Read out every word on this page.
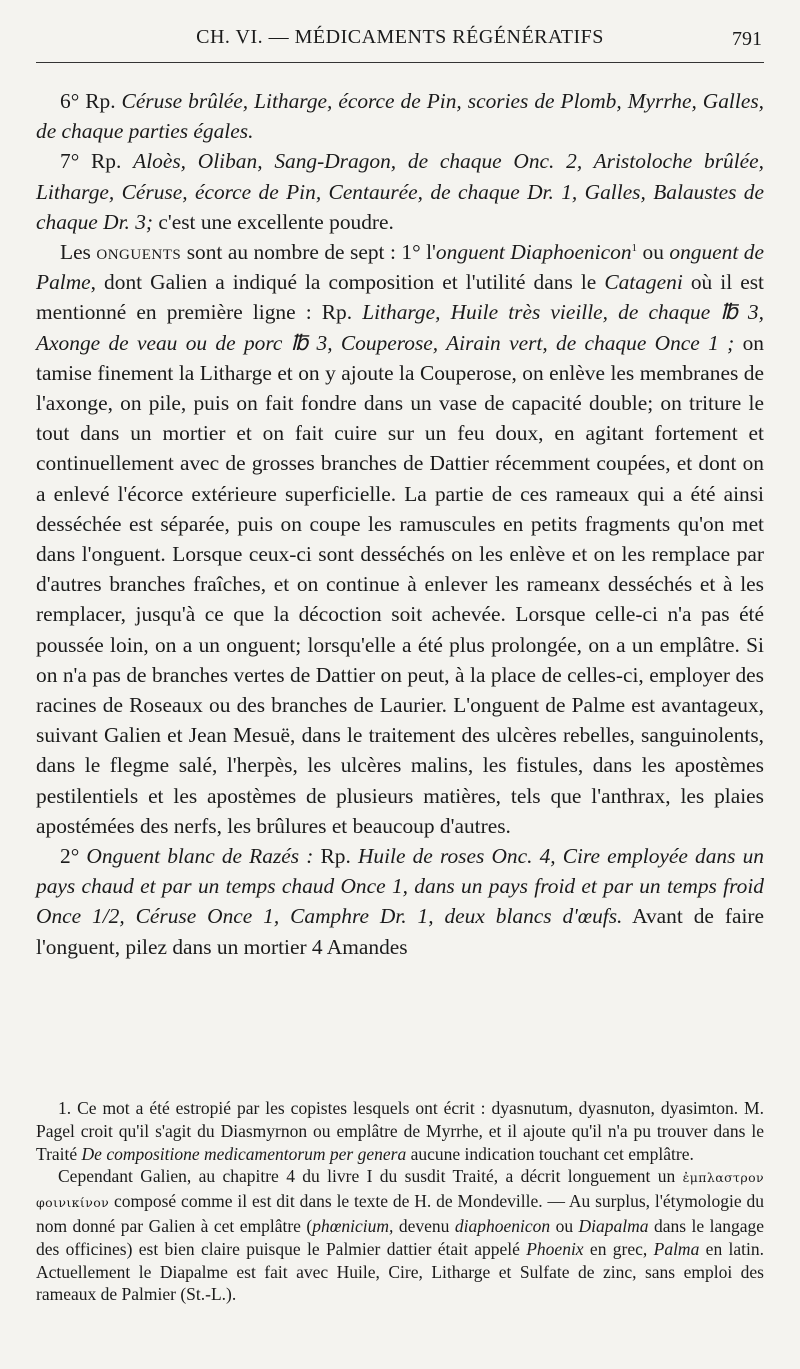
CH. VI. — MÉDICAMENTS RÉGÉNÉRATIFS	791

6° Rp. Céruse brûlée, Litharge, écorce de Pin, scories de Plomb, Myrrhe, Galles, de chaque parties égales.

7° Rp. Aloès, Oliban, Sang-Dragon, de chaque Onc. 2, Aristoloche brûlée, Litharge, Céruse, écorce de Pin, Centaurée, de chaque Dr. 1, Galles, Balaustes de chaque Dr. 3; c'est une excellente poudre.

Les onguents sont au nombre de sept : 1° l'onguent Diaphoenicon$^1$ ou onguent de Palme, dont Galien a indiqué la composition et l'utilité dans le Catageni où il est mentionné en première ligne : Rp. Litharge, Huile très vieille, de chaque ℔ 3, Axonge de veau ou de porc ℔ 3, Couperose, Airain vert, de chaque Once 1 ; on tamise finement la Litharge et on y ajoute la Couperose, on enlève les membranes de l'axonge, on pile, puis on fait fondre dans un vase de capacité double; on triture le tout dans un mortier et on fait cuire sur un feu doux, en agitant fortement et continuellement avec de grosses branches de Dattier récemment coupées, et dont on a enlevé l'écorce extérieure superficielle. La partie de ces rameaux qui a été ainsi desséchée est séparée, puis on coupe les ramuscules en petits fragments qu'on met dans l'onguent. Lorsque ceux-ci sont desséchés on les enlève et on les remplace par d'autres branches fraîches, et on continue à enlever les rameanx desséchés et à les remplacer, jusqu'à ce que la décoction soit achevée. Lorsque celle-ci n'a pas été poussée loin, on a un onguent; lorsqu'elle a été plus prolongée, on a un emplâtre. Si on n'a pas de branches vertes de Dattier on peut, à la place de celles-ci, employer des racines de Roseaux ou des branches de Laurier. L'onguent de Palme est avantageux, suivant Galien et Jean Mesuë, dans le traitement des ulcères rebelles, sanguinolents, dans le flegme salé, l'herpès, les ulcères malins, les fistules, dans les apostèmes pestilentiels et les apostèmes de plusieurs matières, tels que l'anthrax, les plaies apostémées des nerfs, les brûlures et beaucoup d'autres.

2° Onguent blanc de Razés : Rp. Huile de roses Onc. 4, Cire employée dans un pays chaud et par un temps chaud Once 1, dans un pays froid et par un temps froid Once 1/2, Céruse Once 1, Camphre Dr. 1, deux blancs d'œufs. Avant de faire l'onguent, pilez dans un mortier 4 Amandes

1. Ce mot a été estropié par les copistes lesquels ont écrit : dyasnutum, dyasnuton, dyasimton. M. Pagel croit qu'il s'agit du Diasmyrnon ou emplâtre de Myrrhe, et il ajoute qu'il n'a pu trouver dans le Traité De compositione medicamentorum per genera aucune indication touchant cet emplâtre.

Cependant Galien, au chapitre 4 du livre I du susdit Traité, a décrit longuement un ἐμπλαστρον φοινικίνον composé comme il est dit dans le texte de H. de Mondeville. — Au surplus, l'étymologie du nom donné par Galien à cet emplâtre (phœnicium, devenu diaphoenicon ou Diapalma dans le langage des officines) est bien claire puisque le Palmier dattier était appelé Phoenix en grec, Palma en latin. Actuellement le Diapalme est fait avec Huile, Cire, Litharge et Sulfate de zinc, sans emploi des rameaux de Palmier (St.-L.).
